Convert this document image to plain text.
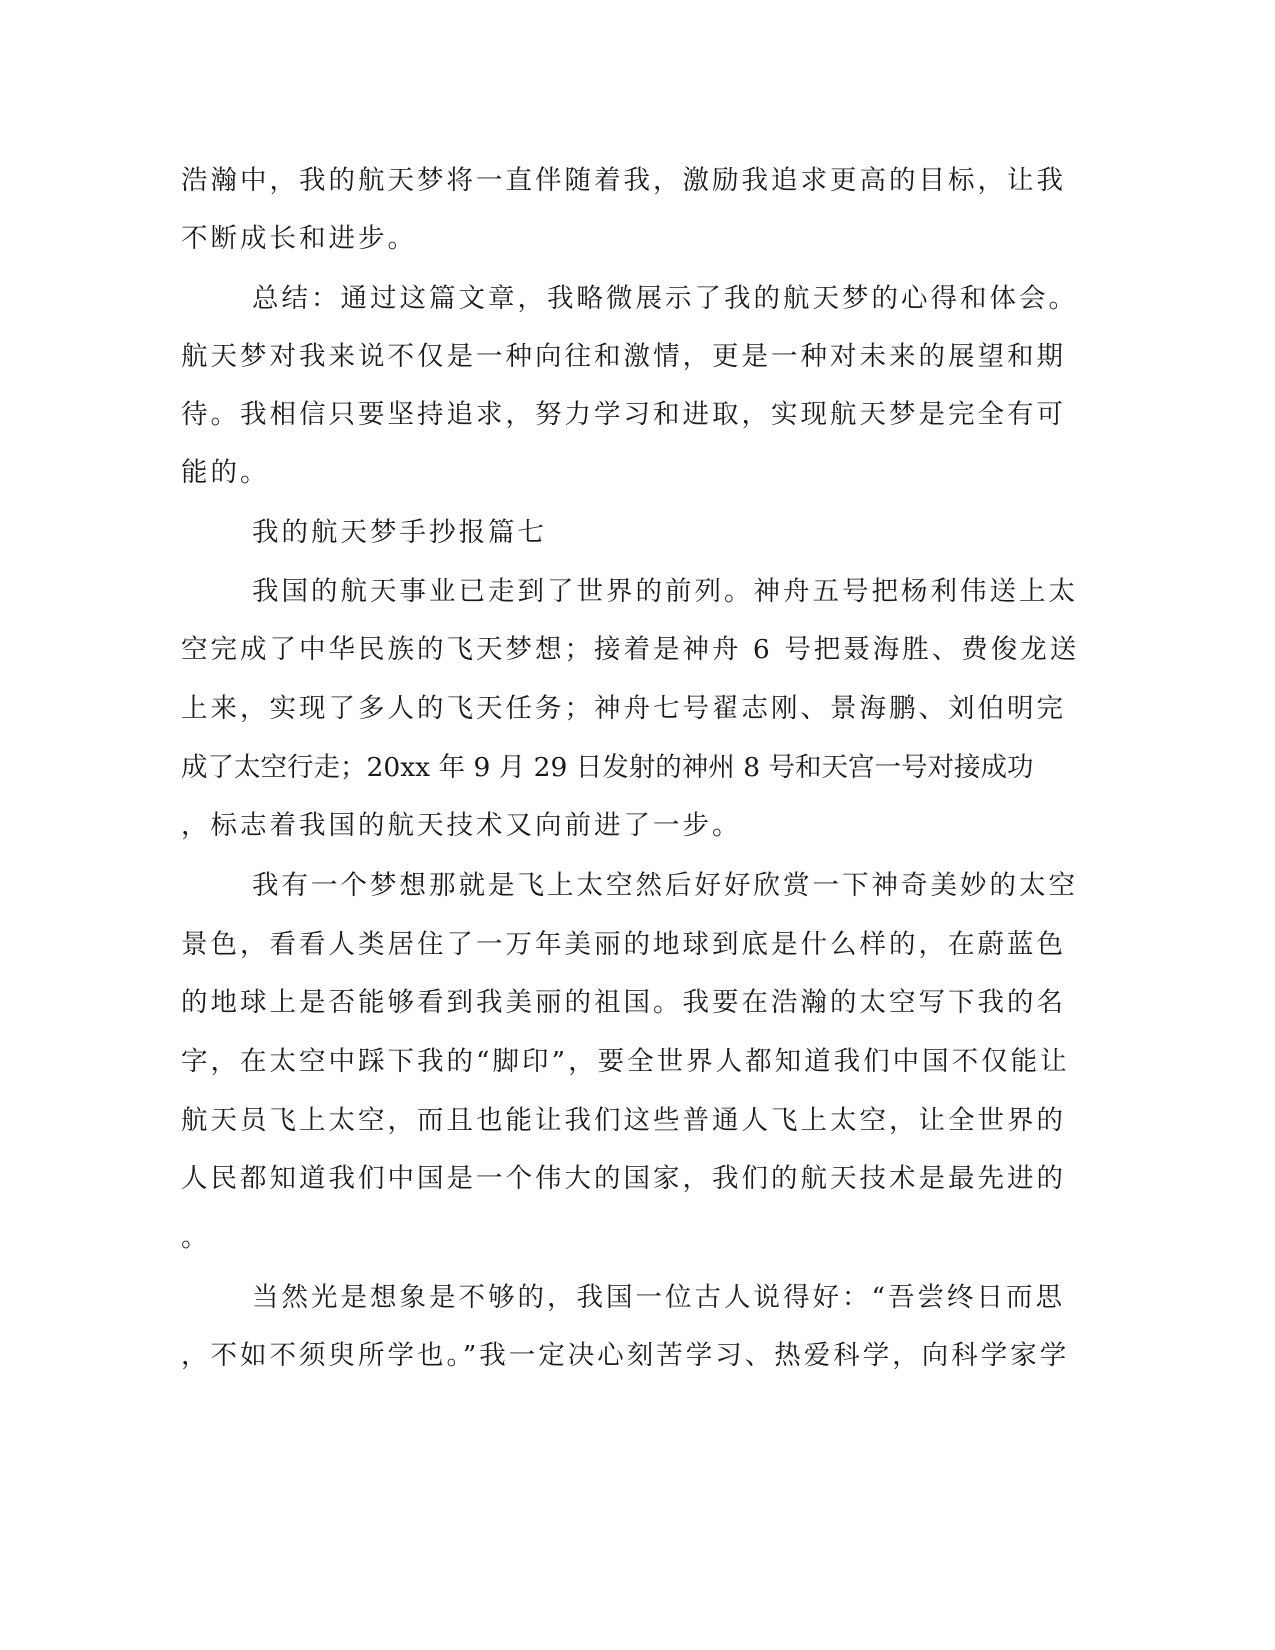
浩瀚中，我的航天梦将一直伴随着我，激励我追求更高的目标，让我
不断成长和进步。
总结：通过这篇文章，我略微展示了我的航天梦的心得和体会。
航天梦对我来说不仅是一种向往和激情，更是一种对未来的展望和期
待。我相信只要坚持追求，努力学习和进取，实现航天梦是完全有可
能的。
我的航天梦手抄报篇七
我国的航天事业已走到了世界的前列。神舟五号把杨利伟送上太
空完成了中华民族的飞天梦想；接着是神舟 6 号把聂海胜、费俊龙送
上来，实现了多人的飞天任务；神舟七号翟志刚、景海鹏、刘伯明完
成了太空行走；20xx 年 9 月 29 日发射的神州 8 号和天宫一号对接成功
，标志着我国的航天技术又向前进了一步。
我有一个梦想那就是飞上太空然后好好欣赏一下神奇美妙的太空
景色，看看人类居住了一万年美丽的地球到底是什么样的，在蔚蓝色
的地球上是否能够看到我美丽的祖国。我要在浩瀚的太空写下我的名
字，在太空中踩下我的“脚印”，要全世界人都知道我们中国不仅能让
航天员飞上太空，而且也能让我们这些普通人飞上太空，让全世界的
人民都知道我们中国是一个伟大的国家，我们的航天技术是最先进的
。
当然光是想象是不够的，我国一位古人说得好：“吾尝终日而思
，不如不须臾所学也。”我一定决心刻苦学习、热爱科学，向科学家学
